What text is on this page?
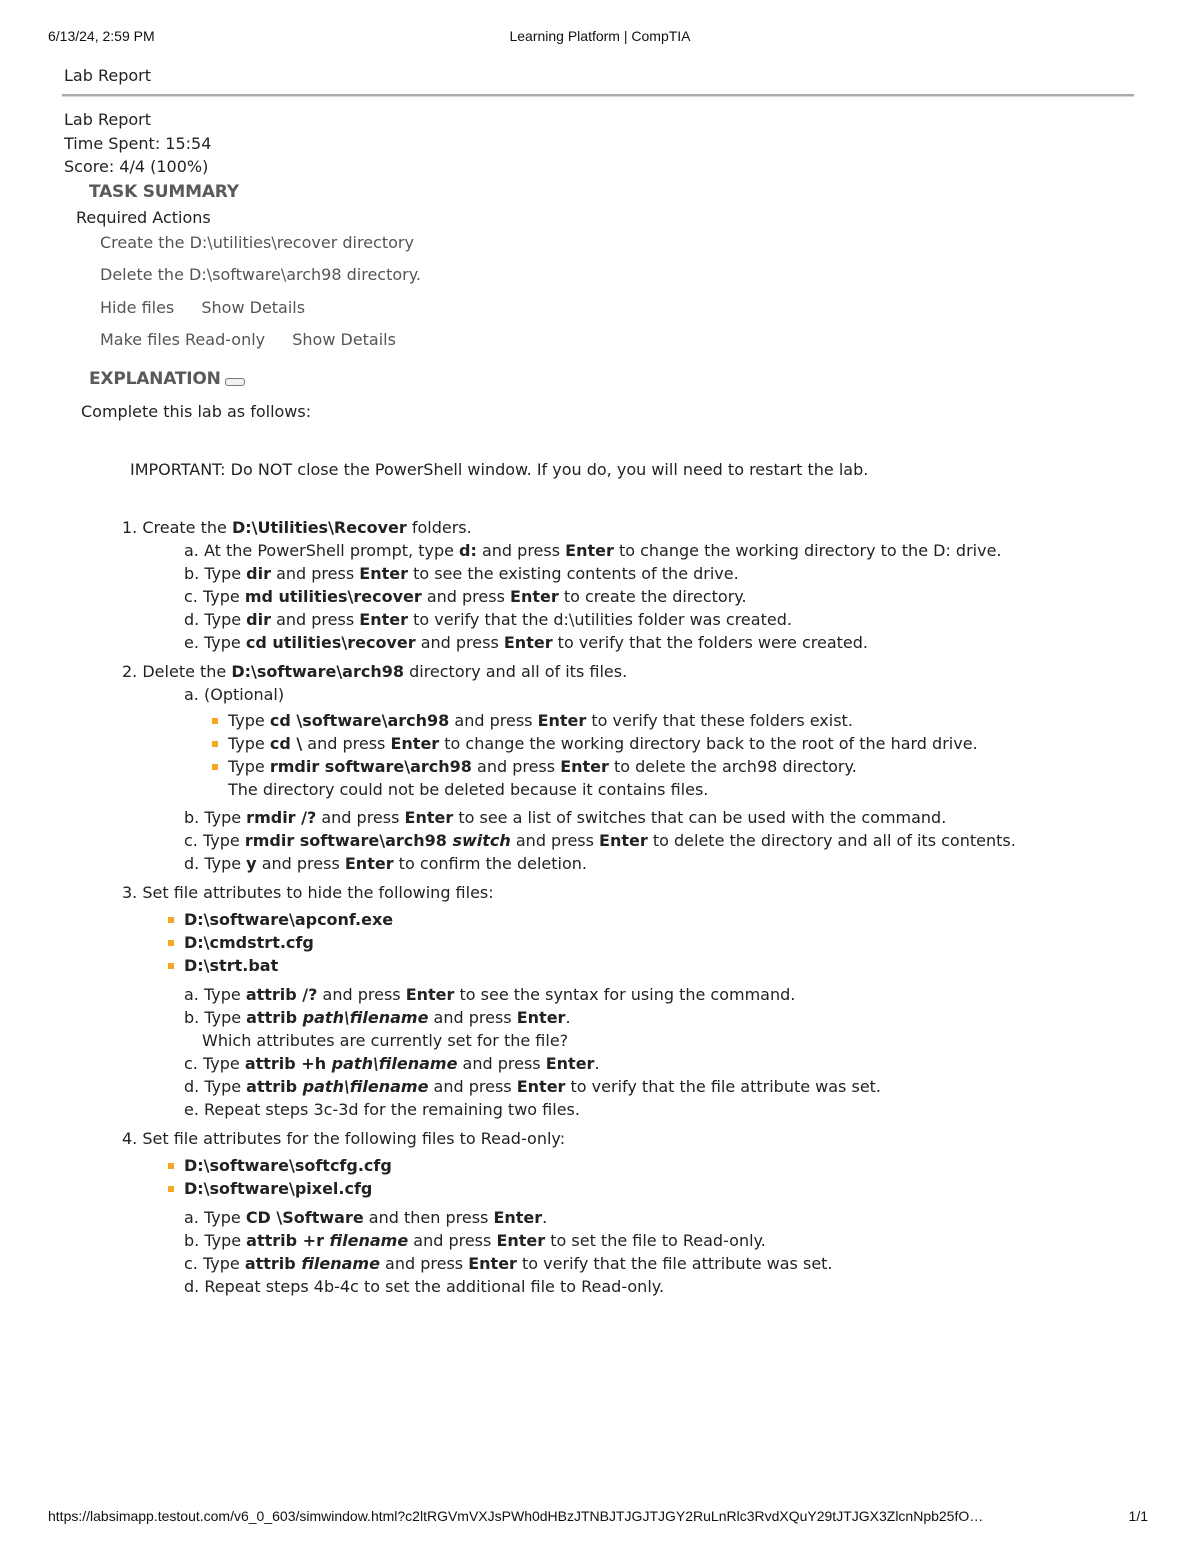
6/13/24, 2:59 PM	Learning Platform | CompTIA
Lab Report
Lab Report
Time Spent: 15:54
Score: 4/4 (100%)
TASK SUMMARY
Required Actions
Create the D:\utilities\recover directory
Delete the D:\software\arch98 directory.
Hide files Show Details
Make files Read-only Show Details
EXPLANATION
Complete this lab as follows:
IMPORTANT: Do NOT close the PowerShell window. If you do, you will need to restart the lab.
1. Create the D:\Utilities\Recover folders.
a. At the PowerShell prompt, type d: and press Enter to change the working directory to the D: drive.
b. Type dir and press Enter to see the existing contents of the drive.
c. Type md utilities\recover and press Enter to create the directory.
d. Type dir and press Enter to verify that the d:\utilities folder was created.
e. Type cd utilities\recover and press Enter to verify that the folders were created.
2. Delete the D:\software\arch98 directory and all of its files.
a. (Optional)
Type cd \software\arch98 and press Enter to verify that these folders exist.
Type cd \ and press Enter to change the working directory back to the root of the hard drive.
Type rmdir software\arch98 and press Enter to delete the arch98 directory.
The directory could not be deleted because it contains files.
b. Type rmdir /? and press Enter to see a list of switches that can be used with the command.
c. Type rmdir software\arch98 switch and press Enter to delete the directory and all of its contents.
d. Type y and press Enter to confirm the deletion.
3. Set file attributes to hide the following files:
D:\software\apconf.exe
D:\cmdstrt.cfg
D:\strt.bat
a. Type attrib /? and press Enter to see the syntax for using the command.
b. Type attrib path\filename and press Enter.
Which attributes are currently set for the file?
c. Type attrib +h path\filename and press Enter.
d. Type attrib path\filename and press Enter to verify that the file attribute was set.
e. Repeat steps 3c-3d for the remaining two files.
4. Set file attributes for the following files to Read-only:
D:\software\softcfg.cfg
D:\software\pixel.cfg
a. Type CD \Software and then press Enter.
b. Type attrib +r filename and press Enter to set the file to Read-only.
c. Type attrib filename and press Enter to verify that the file attribute was set.
d. Repeat steps 4b-4c to set the additional file to Read-only.
https://labsimapp.testout.com/v6_0_603/simwindow.html?c2ltRGVmVXJsPWh0dHBzJTNBJTJGJTJGY2RuLnRlc3RvdXQuY29tJTJGX3ZlcnNpb25fO…	1/1
